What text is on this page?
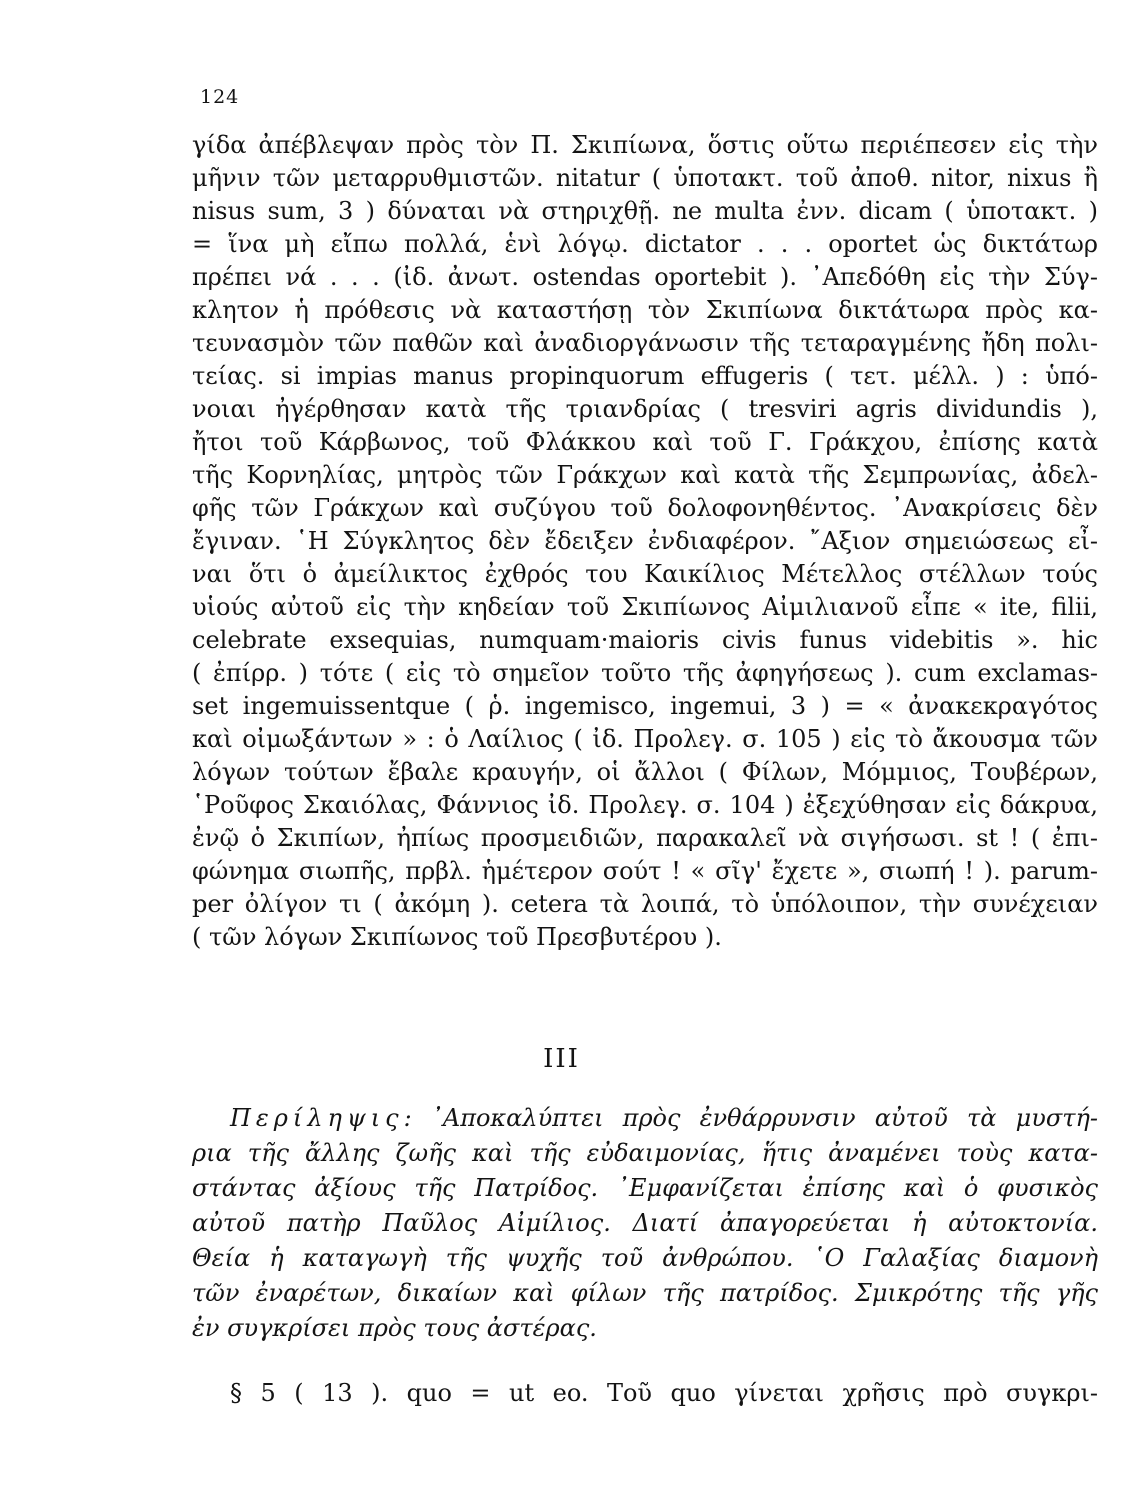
124
γίδα ἀπέβλεψαν πρὸς τὸν Π. Σκιπίωνα, ὅστις οὕτω περιέπεσεν εἰς τὴν
μῆνιν τῶν μεταρρυθμιστῶν. nitatur ( ὑποτακτ. τοῦ ἀποθ. nitor, nixus ἢ
nisus sum, 3 ) δύναται νὰ στηριχθῇ. ne multa ἐνν. dicam ( ὑποτακτ. )
= ἵνα μὴ εἴπω πολλά, ἑνὶ λόγῳ. dictator . . . oportet ὡς δικτάτωρ
πρέπει νά . . . (ἰδ. ἀνωτ. ostendas oportebit ). ᾿Απεδόθη εἰς τὴν Σύγ-
κλητον ἡ πρόθεσις νὰ καταστήσῃ τὸν Σκιπίωνα δικτάτωρα πρὸς κα-
τευνασμὸν τῶν παθῶν καὶ ἀναδιοργάνωσιν τῆς τεταραγμένης ἤδη πολι-
τείας. si impias manus propinquorum effugeris ( τετ. μέλλ. ) : ὑπό-
νοιαι ἠγέρθησαν κατὰ τῆς τριανδρίας ( tresviri agris dividundis ),
ἤτοι τοῦ Κάρβωνος, τοῦ Φλάκκου καὶ τοῦ Γ. Γράκχου, ἐπίσης κατὰ
τῆς Κορνηλίας, μητρὸς τῶν Γράκχων καὶ κατὰ τῆς Σεμπρωνίας, ἀδελ-
φῆς τῶν Γράκχων καὶ συζύγου τοῦ δολοφονηθέντος. ᾿Ανακρίσεις δὲν
ἔγιναν. ῾Η Σύγκλητος δὲν ἔδειξεν ἐνδιαφέρον. ῎Αξιον σημειώσεως εἶ-
ναι ὅτι ὁ ἀμείλικτος ἐχθρός του Καικίλιος Μέτελλος στέλλων τούς
υἱούς αὐτοῦ εἰς τὴν κηδείαν τοῦ Σκιπίωνος Αἰμιλιανοῦ εἶπε « ite, filii,
celebrate exsequias, numquam·maioris civis funus videbitis ». hic
( ἐπίρρ. ) τότε ( εἰς τὸ σημεῖον τοῦτο τῆς ἀφηγήσεως ). cum exclamas-
set ingemuissentque ( ῥ. ingemisco, ingemui, 3 ) = « ἀνακεκραγότος
καὶ οἰμωξάντων » : ὁ Λαίλιος ( ἰδ. Προλεγ. σ. 105 ) εἰς τὸ ἄκουσμα τῶν
λόγων τούτων ἔβαλε κραυγήν, οἱ ἄλλοι ( Φίλων, Μόμμιος, Τουβέρων,
῾Ροῦφος Σκαιόλας, Φάννιος ἰδ. Προλεγ. σ. 104 ) ἐξεχύθησαν εἰς δάκρυα,
ἐνῷ ὁ Σκιπίων, ἠπίως προσμειδιῶν, παρακαλεῖ νὰ σιγήσωσι. st ! ( ἐπι-
φώνημα σιωπῆς, πρβλ. ἡμέτερον σούτ ! « σῖγ' ἔχετε », σιωπή ! ). parum-
per ὀλίγον τι ( ἀκόμη ). cetera τὰ λοιπά, τὸ ὑπόλοιπον, τὴν συνέχειαν
( τῶν λόγων Σκιπίωνος τοῦ Πρεσβυτέρου ).
III
Περίληψις: ᾿Αποκαλύπτει πρὸς ἐνθάρρυνσιν αὐτοῦ τὰ μυστή-
ρια τῆς ἄλλης ζωῆς καὶ τῆς εὐδαιμονίας, ἥτις ἀναμένει τοὺς κατα-
στάντας ἀξίους τῆς Πατρίδος. ᾿Εμφανίζεται ἐπίσης καὶ ὁ φυσικὸς
αὐτοῦ πατὴρ Παῦλος Αἰμίλιος. Διατί ἀπαγορεύεται ἡ αὐτοκτονία.
Θεία ἡ καταγωγὴ τῆς ψυχῆς τοῦ ἀνθρώπου. ῾Ο Γαλαξίας διαμονὴ
τῶν ἐναρέτων, δικαίων καὶ φίλων τῆς πατρίδος. Σμικρότης τῆς γῆς
ἐν συγκρίσει πρὸς τους ἀστέρας.
§ 5 ( 13 ). quo = ut eo. Τοῦ quo γίνεται χρῆσις πρὸ συγκρι-
